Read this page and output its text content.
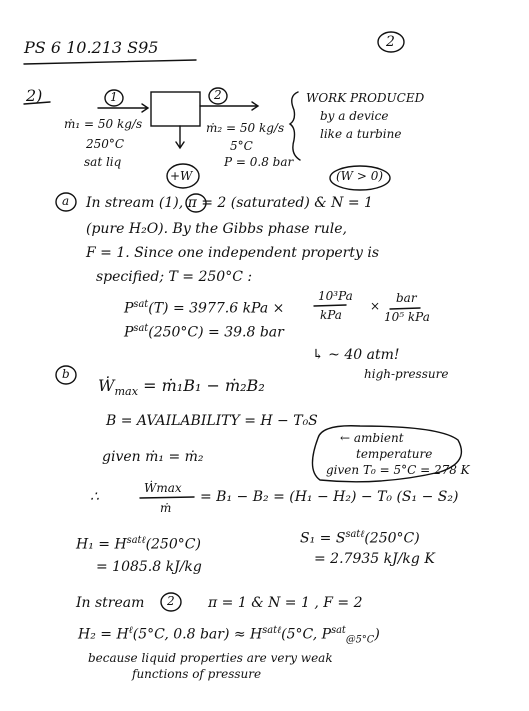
PS 6 10.213 S95	2
2)	1	2
ṁ₁ = 50 kg/s
250°C
sat liq
ṁ₂ = 50 kg/s
5°C
P = 0.8 bar
+W
WORK PRODUCED
by a device
like a turbine
(W > 0)
a In stream (1), π = 2 (saturated) & N = 1
(pure H₂O). By the Gibbs phase rule,
F = 1. Since one independent property is
specified; T = 250°C :
$P^{sat}(T) = 3977.6$ kPa ×
10³Pa
kPa
×
bar
10⁵ kPa
$P^{sat}(250^\circ C) = 39.8$ bar
↳ ~ 40 atm!
high-pressure
b
Ẇ$_{max}$ = ṁ₁B₁ − ṁ₂B₂
B = AVAILABILITY = H − T₀S
← ambient
temperature
given T₀ = 5°C = 278 K
given ṁ₁ = ṁ₂
∴
Ẇmax
ṁ
= B₁ − B₂ = (H₁ − H₂) − T₀ (S₁ − S₂)
$H_1 = H^{sat\ell}(250^\circ C)$
= 1085.8 kJ/kg
$S_1 = S^{sat\ell}(250^\circ C)$
= 2.7935 kJ/kg K
In stream 2 π = 1 & N = 1 , F = 2
$H_2 = H^\ell(5^\circ C$, 0.8 $bar) \approx H^{sat\ell}(5^\circ C$, $P^{sat}_{@5^\circ C}$)
because liquid properties are very weak
functions of pressure
